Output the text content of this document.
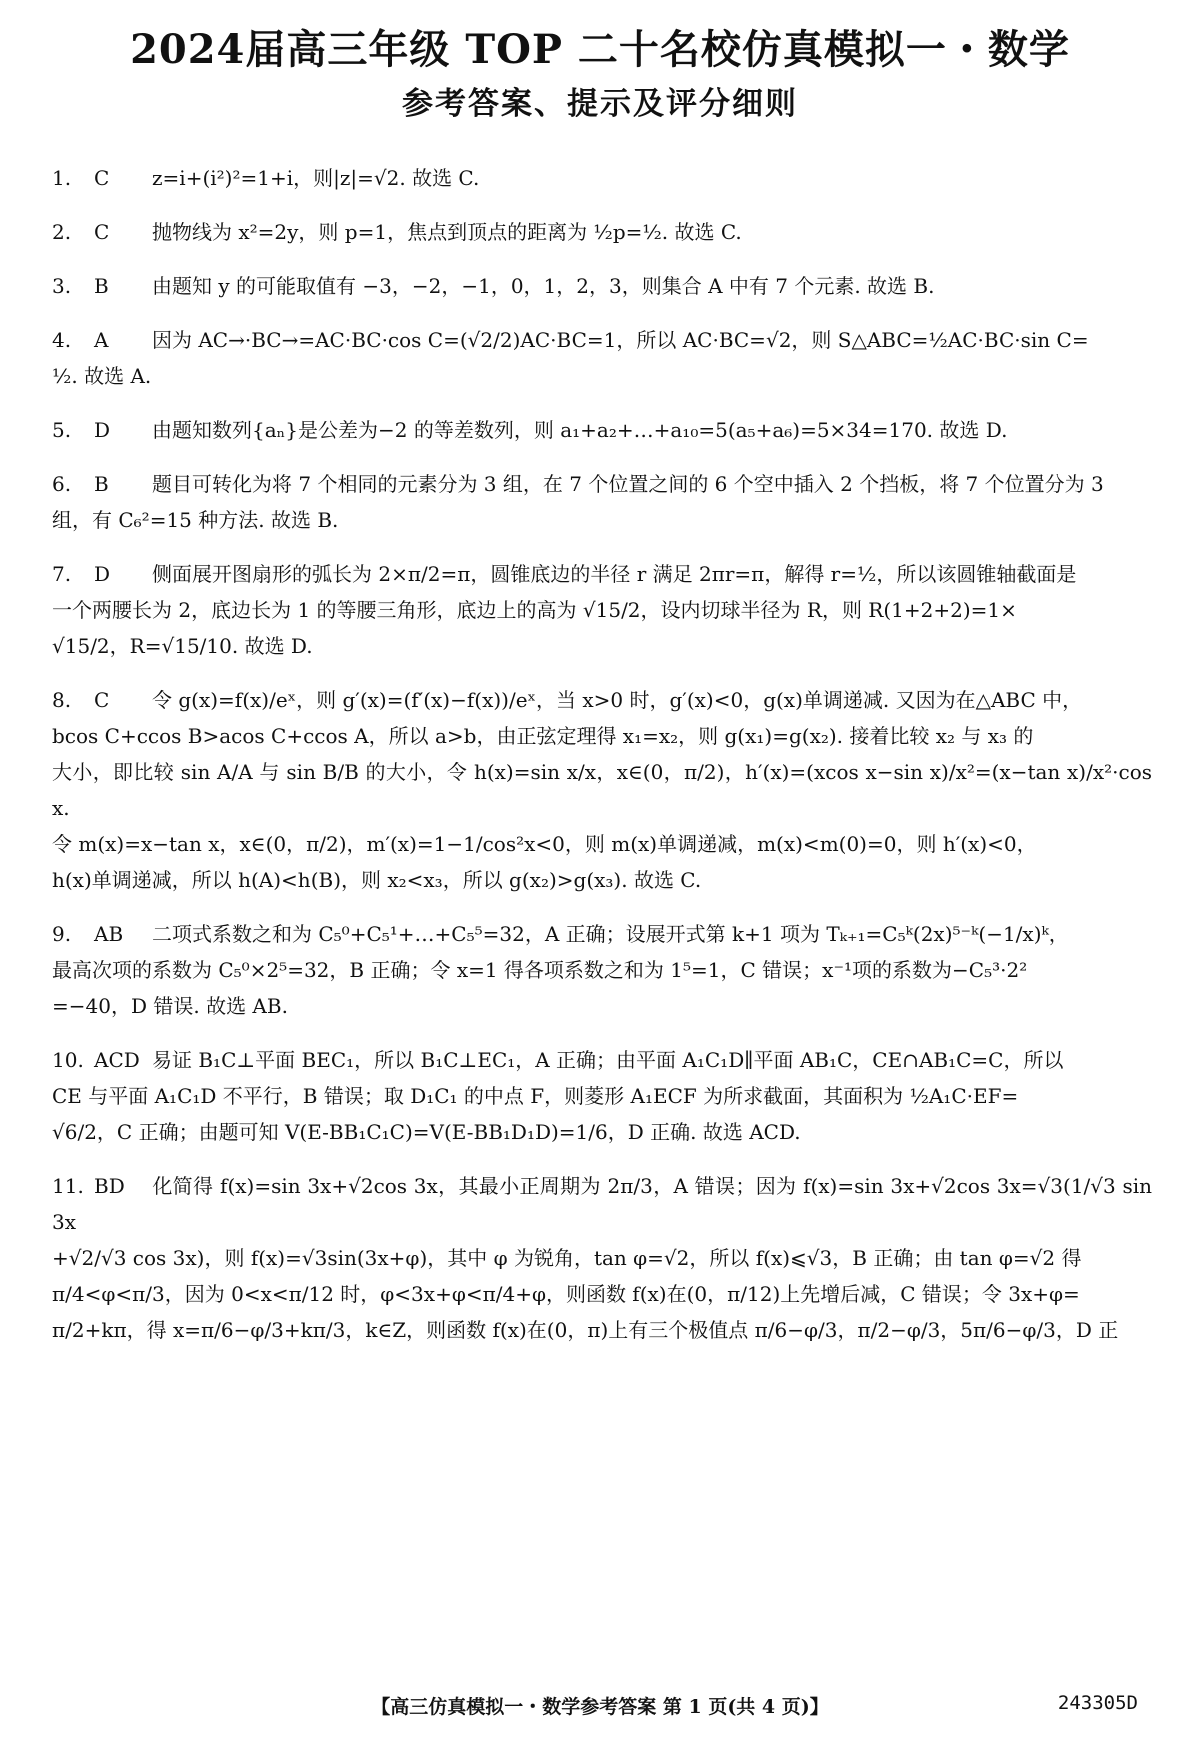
2024届高三年级 TOP 二十名校仿真模拟一・数学
参考答案、提示及评分细则
1. C z=i+(i²)²=1+i，则|z|=√2. 故选 C.
2. C 抛物线为 x²=2y，则 p=1，焦点到顶点的距离为 ½p=½. 故选 C.
3. B 由题知 y 的可能取值有 −3，−2，−1，0，1，2，3，则集合 A 中有 7 个元素. 故选 B.
4. A 因为 AC→·BC→=AC·BC·cos C=(√2/2)AC·BC=1，所以 AC·BC=√2，则 S△ABC=½AC·BC·sin C=
½. 故选 A.
5. D 由题知数列{aₙ}是公差为−2 的等差数列，则 a₁+a₂+…+a₁₀=5(a₅+a₆)=5×34=170. 故选 D.
6. B 题目可转化为将 7 个相同的元素分为 3 组，在 7 个位置之间的 6 个空中插入 2 个挡板，将 7 个位置分为 3
组，有 C₆²=15 种方法. 故选 B.
7. D 侧面展开图扇形的弧长为 2×π/2=π，圆锥底边的半径 r 满足 2πr=π，解得 r=½，所以该圆锥轴截面是
一个两腰长为 2，底边长为 1 的等腰三角形，底边上的高为 √15/2，设内切球半径为 R，则 R(1+2+2)=1×
√15/2，R=√15/10. 故选 D.
8. C 令 g(x)=f(x)/eˣ，则 g′(x)=(f′(x)−f(x))/eˣ，当 x>0 时，g′(x)<0，g(x)单调递减. 又因为在△ABC 中，
bcos C+ccos B>acos C+ccos A，所以 a>b，由正弦定理得 x₁=x₂，则 g(x₁)=g(x₂). 接着比较 x₂ 与 x₃ 的
大小，即比较 sin A/A 与 sin B/B 的大小，令 h(x)=sin x/x，x∈(0，π/2)，h′(x)=(xcos x−sin x)/x²=(x−tan x)/x²·cos x.
令 m(x)=x−tan x，x∈(0，π/2)，m′(x)=1−1/cos²x<0，则 m(x)单调递减，m(x)<m(0)=0，则 h′(x)<0，
h(x)单调递减，所以 h(A)<h(B)，则 x₂<x₃，所以 g(x₂)>g(x₃). 故选 C.
9. AB 二项式系数之和为 C₅⁰+C₅¹+…+C₅⁵=32，A 正确；设展开式第 k+1 项为 Tₖ₊₁=C₅ᵏ(2x)⁵⁻ᵏ(−1/x)ᵏ，
最高次项的系数为 C₅⁰×2⁵=32，B 正确；令 x=1 得各项系数之和为 1⁵=1，C 错误；x⁻¹项的系数为−C₅³·2²
=−40，D 错误. 故选 AB.
10. ACD 易证 B₁C⊥平面 BEC₁，所以 B₁C⊥EC₁，A 正确；由平面 A₁C₁D∥平面 AB₁C，CE∩AB₁C=C，所以
CE 与平面 A₁C₁D 不平行，B 错误；取 D₁C₁ 的中点 F，则菱形 A₁ECF 为所求截面，其面积为 ½A₁C·EF=
√6/2，C 正确；由题可知 V(E-BB₁C₁C)=V(E-BB₁D₁D)=1/6，D 正确. 故选 ACD.
11. BD 化简得 f(x)=sin 3x+√2cos 3x，其最小正周期为 2π/3，A 错误；因为 f(x)=sin 3x+√2cos 3x=√3(1/√3 sin 3x
+√2/√3 cos 3x)，则 f(x)=√3sin(3x+φ)，其中 φ 为锐角，tan φ=√2，所以 f(x)⩽√3，B 正确；由 tan φ=√2 得
π/4<φ<π/3，因为 0<x<π/12 时，φ<3x+φ<π/4+φ，则函数 f(x)在(0，π/12)上先增后减，C 错误；令 3x+φ=
π/2+kπ，得 x=π/6−φ/3+kπ/3，k∈Z，则函数 f(x)在(0，π)上有三个极值点 π/6−φ/3，π/2−φ/3，5π/6−φ/3，D 正
【高三仿真模拟一・数学参考答案 第 1 页(共 4 页)】	243305D
